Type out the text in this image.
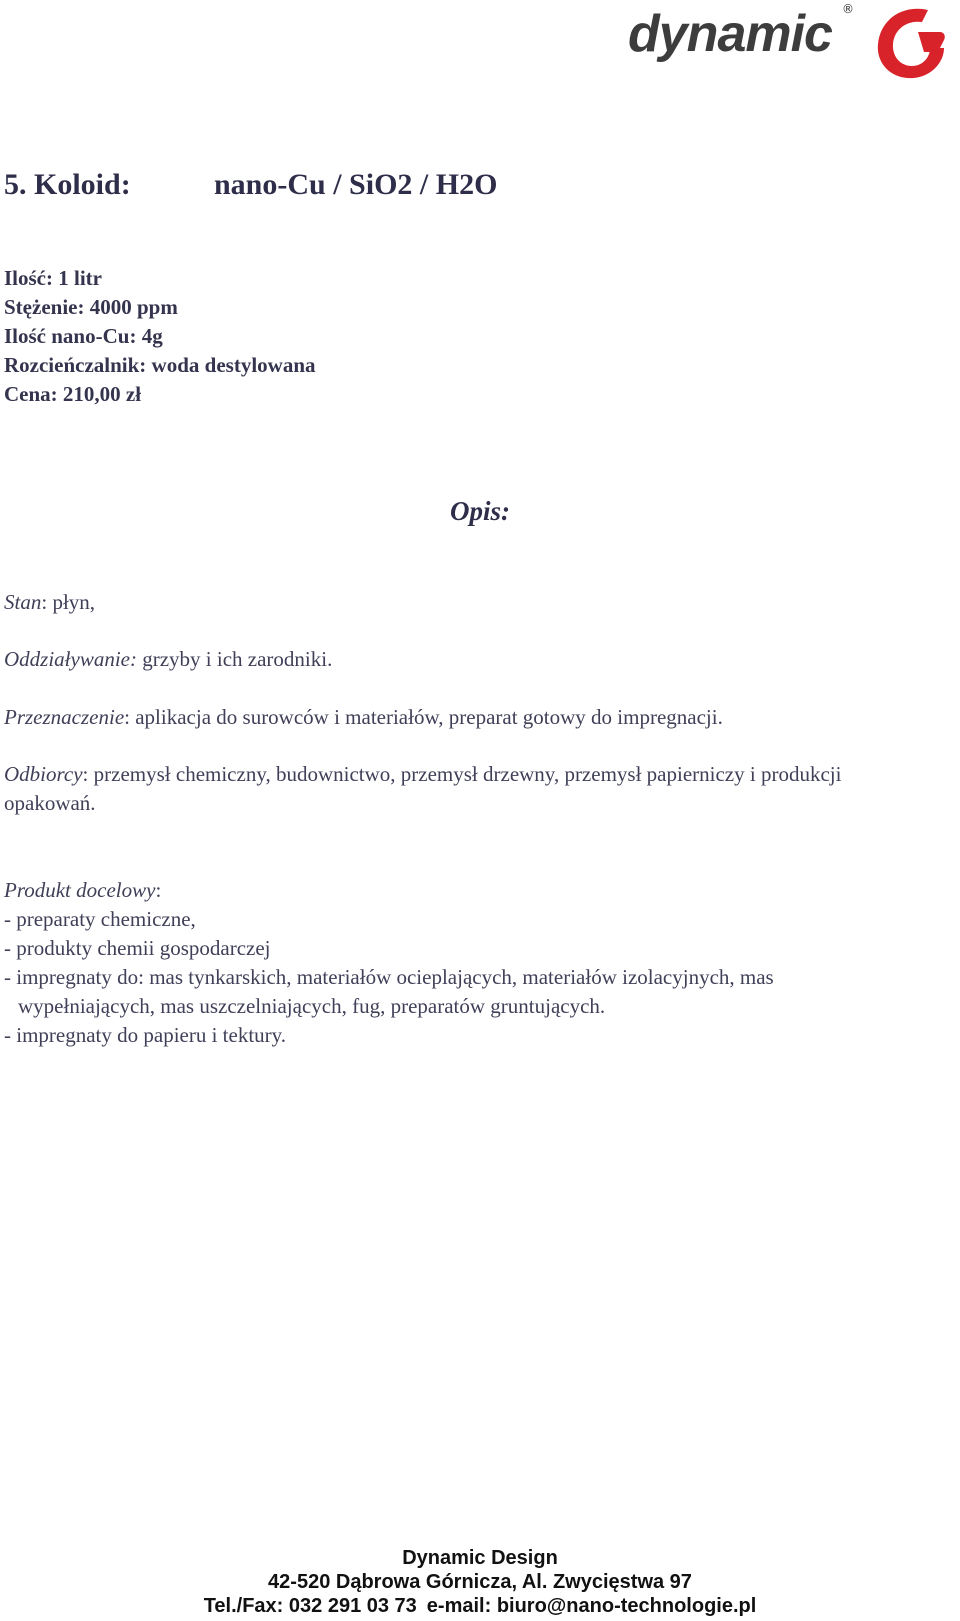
dynamic ®
5. Koloid:	nano-Cu / SiO2 / H2O
Ilość: 1 litr
Stężenie: 4000 ppm
Ilość nano-Cu: 4g
Rozcieńczalnik: woda destylowana
Cena: 210,00 zł
Opis:
Stan: płyn,
Oddziaływanie: grzyby i ich zarodniki.
Przeznaczenie: aplikacja do surowców i materiałów, preparat gotowy do impregnacji.
Odbiorcy: przemysł chemiczny, budownictwo, przemysł drzewny, przemysł papierniczy i produkcji opakowań.
Produkt docelowy:
- preparaty chemiczne,
- produkty chemii gospodarczej
- impregnaty do: mas tynkarskich, materiałów ocieplających, materiałów izolacyjnych, mas
wypełniających, mas uszczelniających, fug, preparatów gruntujących.
- impregnaty do papieru i tektury.
Dynamic Design
42-520 Dąbrowa Górnicza, Al. Zwycięstwa 97
Tel./Fax: 032 291 03 73 e-mail: biuro@nano-technologie.pl
